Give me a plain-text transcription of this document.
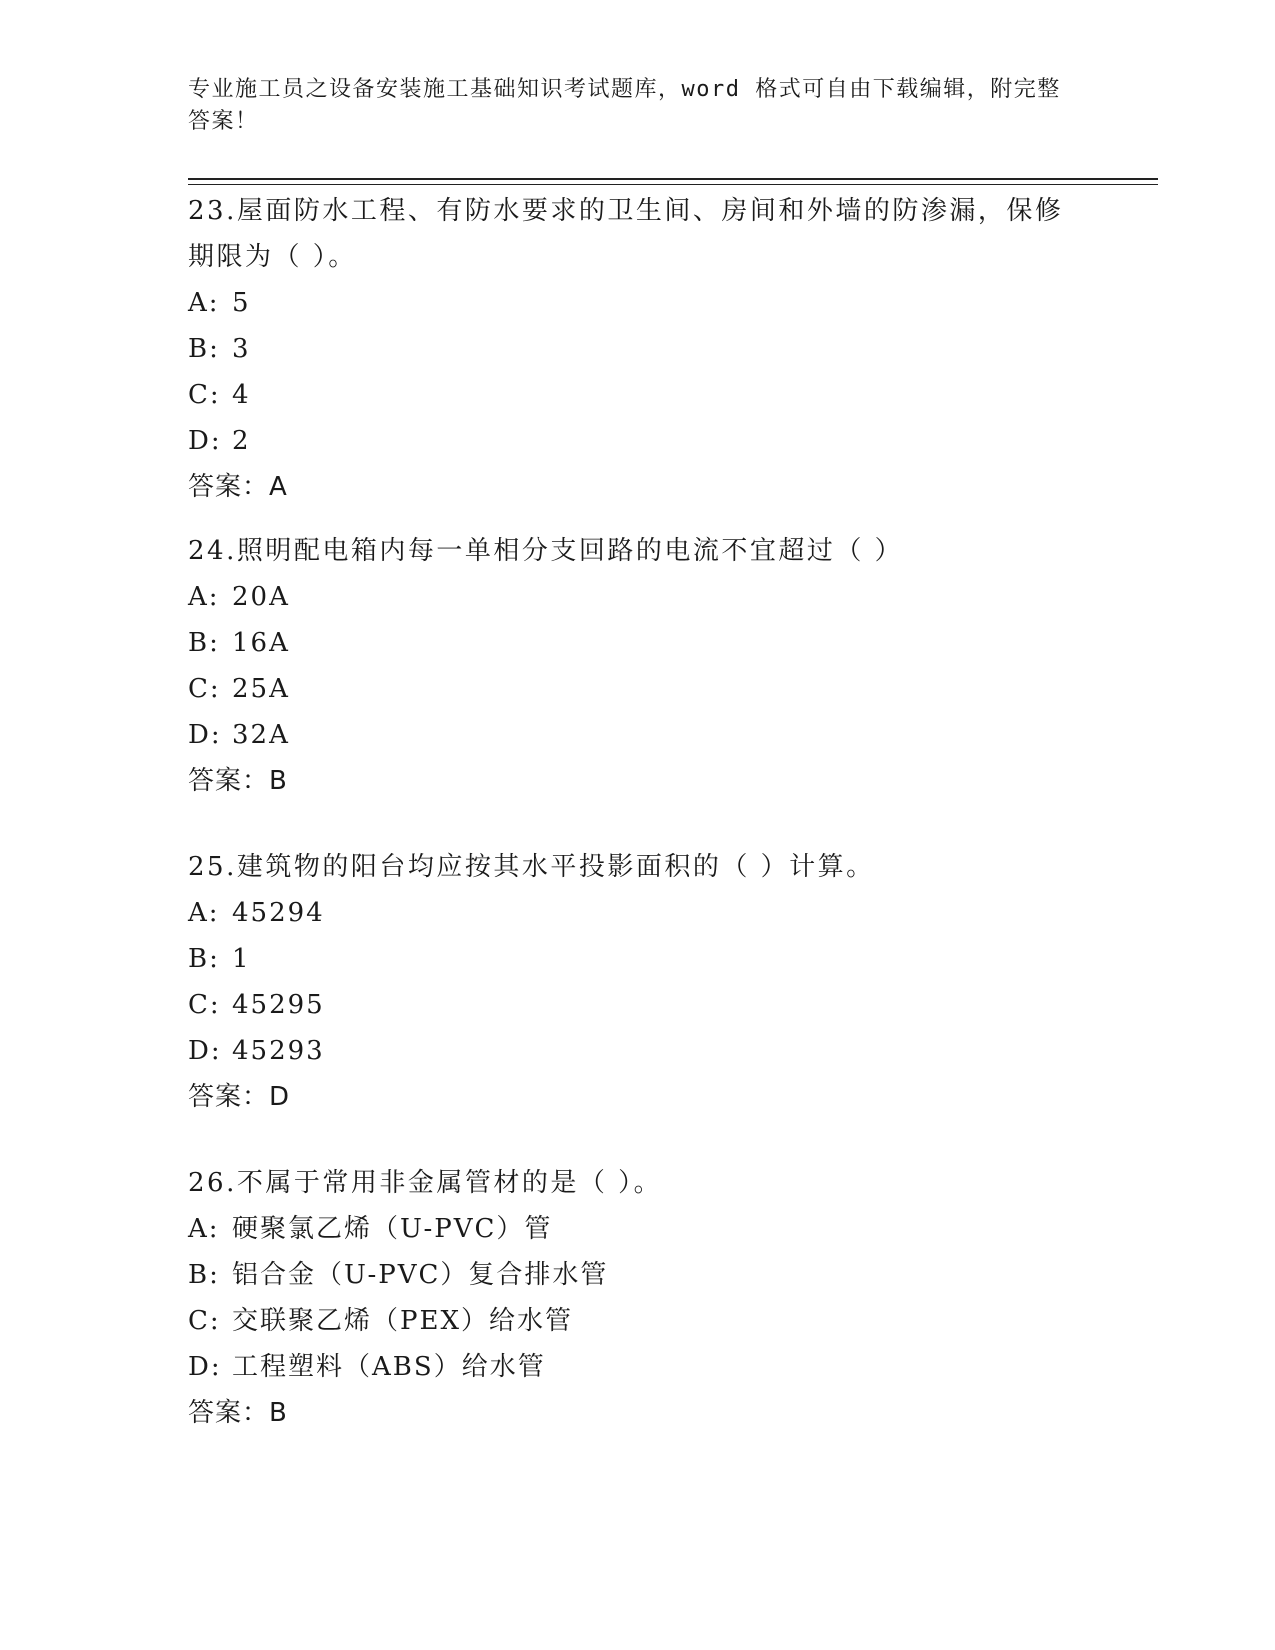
专业施工员之设备安装施工基础知识考试题库，word 格式可自由下载编辑，附完整答案！

23.屋面防水工程、有防水要求的卫生间、房间和外墙的防渗漏，保修期限为（ ）。

A: 5

B: 3

C: 4

D: 2

答案：A

24.照明配电箱内每一单相分支回路的电流不宜超过（ ）

A: 20A

B: 16A

C: 25A

D: 32A

答案：B

25.建筑物的阳台均应按其水平投影面积的（ ）计算。

A: 45294

B: 1

C: 45295

D: 45293

答案：D

26.不属于常用非金属管材的是（ ）。

A: 硬聚氯乙烯（U-PVC）管

B: 铝合金（U-PVC）复合排水管

C: 交联聚乙烯（PEX）给水管

D: 工程塑料（ABS）给水管

答案：B
